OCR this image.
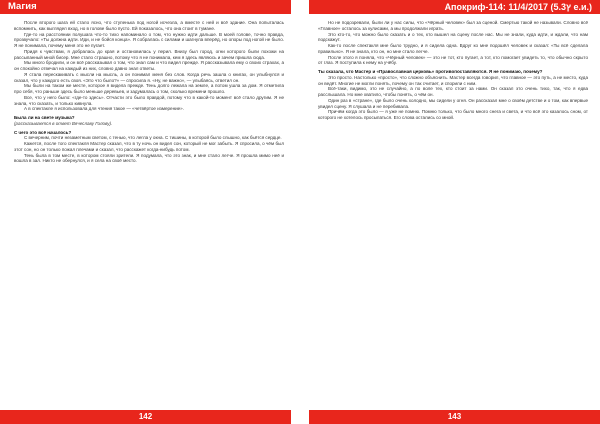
Магия	Апокриф-114: 11/4/2017 (ץ5.3 е.и.)

После второго шага ей стало ясно, что ступенька под ногой исчезла, а вместе с ней и всё здание. Она попыталась вспомнить, как выглядел вход, но в голове было пусто. Ей показалось, что она стоит в тумане.

Где-то на расстоянии полушага что-то тихо напоминало о том, что нужно идти дальше. В моей голове, точно правда, прозвучало: «Ты должна идти. Иди, и не бойся конца». Я собралась с силами и шагнула вперёд, но опоры под ногой не было. Я не понимала, почему меня это не пугает.

Придя к чувствам, я добралась до края и остановилась у перил. Внизу был город, огни которого были похожи на рассыпанный мной бисер. Мне стало страшно, потому что я не понимала, кем я здесь являюсь и зачем пришла сюда.

Мы много бродили, и он всё рассказывал о том, что знал сам и что видел прежде. Я рассказывала ему о своих страхах, а он спокойно отвечал на каждый из них, словно давно знал ответы.

Я стала перескакивать с мысли на мысль, а он понимал меня без слов. Когда речь зашла о книгах, он улыбнулся и сказал, что у каждого есть своя. «Это что было?» — спросила я. «Ну, не важно», — улыбаясь, ответил он.

Мы были на таком же месте, которое я видела прежде. Тень долго лежала на земле, а потом ушла за дом. Я отметила про себя, что раньше здесь было меньше деревьев, и задумалась о том, сколько времени прошло.

Все, что у него было: «где-то здесь». Отчасти это было правдой, потому что в какой-то момент всё стало другим. Я не знала, что сказать, и только кивнула.

А в спектакле я использовала для чтения такое — «четвёртое измерение».

Была ли на свете музыка?

(рассказывается в ответ Вячеславу Голову).

С чего это всё началось?

С вечерним, почти незаметным светом, с тенью, что легла у окна. С тишины, в которой было слышно, как бьётся сердце.

Кажется, после того спектакля Мастер сказал, что в ту ночь он видел сон, который не мог забыть. Я спросила, о чём был этот сон, но он только пожал плечами и сказал, что расскажет когда-нибудь потом.

Тень была в том месте, в котором стояли зрители. Я подумала, что это знак, и мне стало легче. Я прошла мимо неё и вошла в зал. Никто не обернулся, и я села на своё место.

Но не подозревали, были ли у нас силы, что «Чёрный человек» был за сценой. Смертью такой не называли. Словно всё «Главное» осталось за кулисами, а мы продолжали играть.

Это кто-то, что можно было сказать и о тех, кто вышел на сцену после нас. Мы не знали, куда идти, и ждали, что нам подскажут.

Как-то после спектакля мне было трудно, и я сидела одна. Вдруг ко мне подошёл человек и сказал: «Ты всё сделала правильно». Я не знала, кто он, но мне стало легче.

После этого я поняла, что «Чёрный человек» — это не тот, кто пугает, а тот, кто помогает увидеть то, что обычно скрыто от глаз. Я поступила к нему на учёбу.

Ты сказала, что Мастер и «Православная церковь» противопоставляются. Я не понимаю, почему?

Это просто. Настолько «просто», что сложно объяснить. Мастер всегда говорил, что главное — это путь, а не место, куда он ведёт. Многие не могли понять, почему он так считает, и спорили с ним.

Всё-таки, видимо, это не случайно, а по воле тех, кто стоит за нами. Он сказал это очень тихо, так, что я едва расслышала. Но мне хватило, чтобы понять, о чём он.

Один раз в «стране», где было очень холодно, мы сидели у огня. Он рассказал мне о своём детстве и о том, как впервые увидел сцену. Я слушала и не перебивала.

Причём когда это было — я уже не помню. Помню только, что было много снега и света, и что всё это казалось сном, от которого не хотелось просыпаться. Его слова остались со мной.

142	143
